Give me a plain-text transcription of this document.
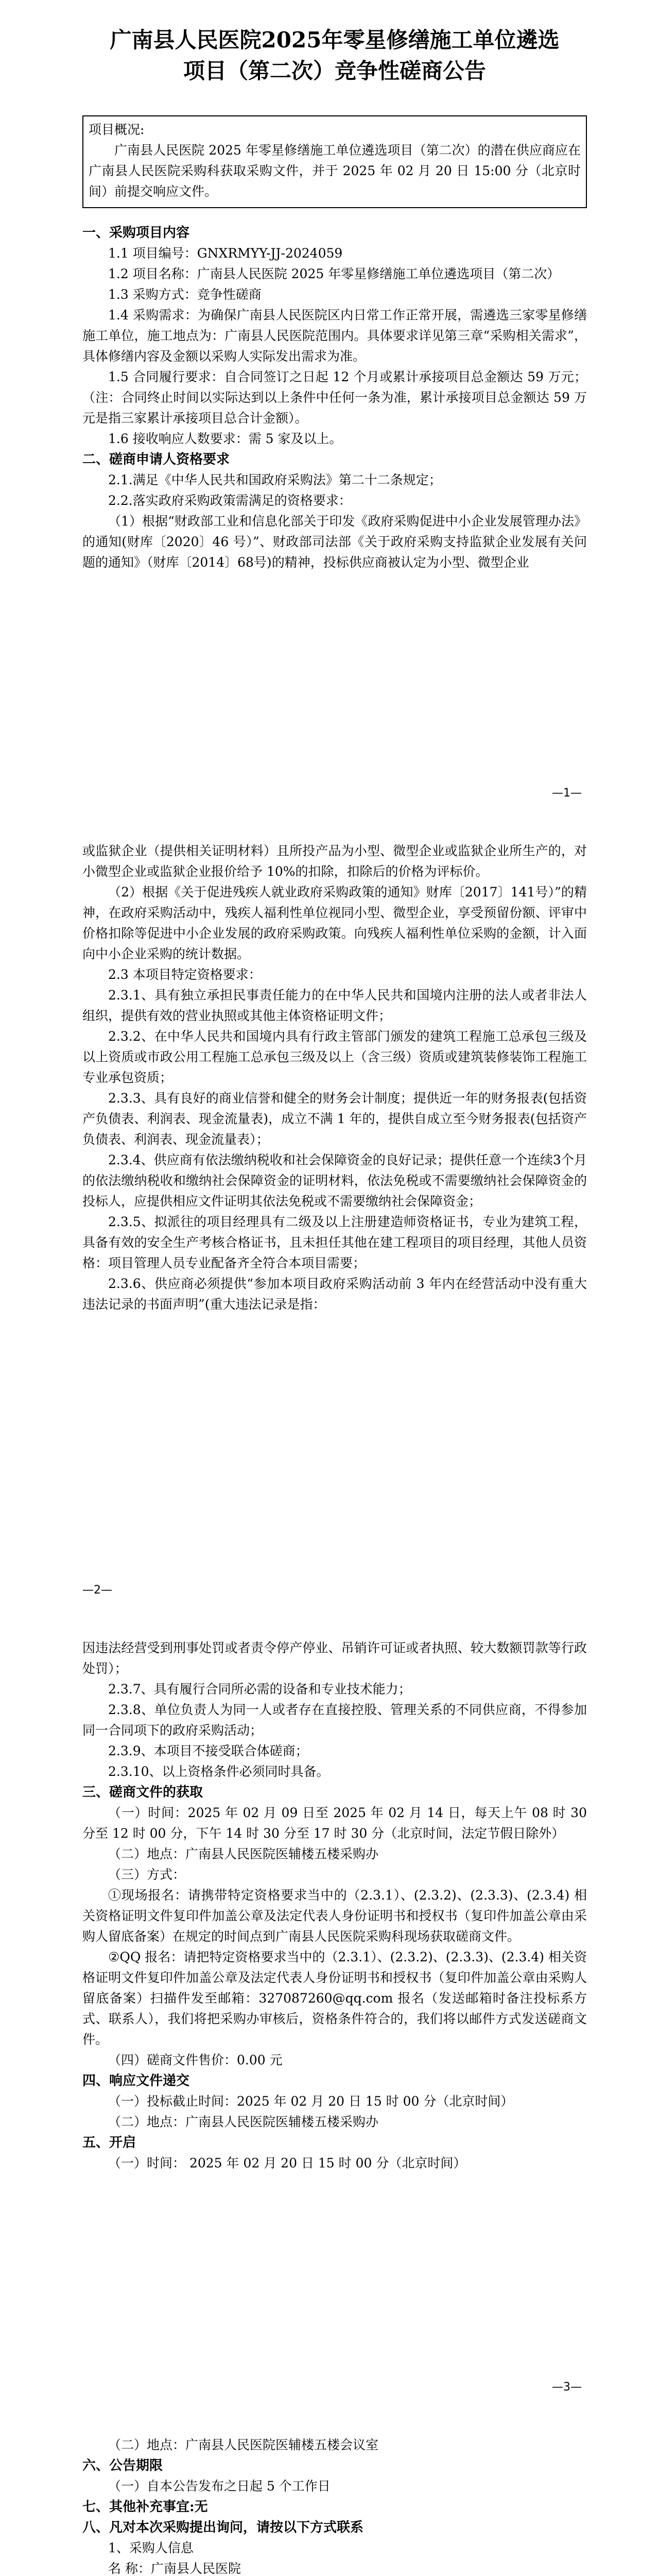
广南县人民医院2025年零星修缮施工单位遴选

项目（第二次）竞争性磋商公告

项目概况:
广南县人民医院 2025 年零星修缮施工单位遴选项目（第二次）的潜在供应商应在广南县人民医院采购科获取采购文件，并于 2025 年 02 月 20 日 15:00 分（北京时间）前提交响应文件。
一、采购项目内容
1.1 项目编号：GNXRMYY-JJ-2024059
1.2 项目名称：广南县人民医院 2025 年零星修缮施工单位遴选项目（第二次）
1.3 采购方式：竞争性磋商
1.4 采购需求：为确保广南县人民医院区内日常工作正常开展，需遴选三家零星修缮施工单位，施工地点为：广南县人民医院范围内。具体要求详见第三章“采购相关需求”，具体修缮内容及金额以采购人实际发出需求为准。
1.5 合同履行要求：自合同签订之日起 12 个月或累计承接项目总金额达 59 万元；（注：合同终止时间以实际达到以上条件中任何一条为准，累计承接项目总金额达 59 万元是指三家累计承接项目总合计金额）。
1.6 接收响应人数要求：需 5 家及以上。
二、磋商申请人资格要求
2.1.满足《中华人民共和国政府采购法》第二十二条规定；
2.2.落实政府采购政策需满足的资格要求：
（1）根据“财政部工业和信息化部关于印发《政府采购促进中小企业发展管理办法》的通知(财库〔2020〕46 号）”、财政部司法部《关于政府采购支持监狱企业发展有关问题的通知》（财库〔2014〕68号)的精神，投标供应商被认定为小型、微型企业
—1—
或监狱企业（提供相关证明材料）且所投产品为小型、微型企业或监狱企业所生产的，对小微型企业或监狱企业报价给予 10%的扣除，扣除后的价格为评标价。
（2）根据《关于促进残疾人就业政府采购政策的通知》财库〔2017〕141号）”的精神，在政府采购活动中，残疾人福利性单位视同小型、微型企业，享受预留份额、评审中价格扣除等促进中小企业发展的政府采购政策。向残疾人福利性单位采购的金额，计入面向中小企业采购的统计数据。
2.3 本项目特定资格要求：
2.3.1、具有独立承担民事责任能力的在中华人民共和国境内注册的法人或者非法人组织，提供有效的营业执照或其他主体资格证明文件；
2.3.2、在中华人民共和国境内具有行政主管部门颁发的建筑工程施工总承包三级及以上资质或市政公用工程施工总承包三级及以上（含三级）资质或建筑装修装饰工程施工专业承包资质；
2.3.3、具有良好的商业信誉和健全的财务会计制度；提供近一年的财务报表(包括资产负债表、利润表、现金流量表)，成立不满 1 年的，提供自成立至今财务报表(包括资产负债表、利润表、现金流量表）；
2.3.4、供应商有依法缴纳税收和社会保障资金的良好记录；提供任意一个连续3个月的依法缴纳税收和缴纳社会保障资金的证明材料，依法免税或不需要缴纳社会保障资金的投标人，应提供相应文件证明其依法免税或不需要缴纳社会保障资金；
2.3.5、拟派往的项目经理具有二级及以上注册建造师资格证书，专业为建筑工程，具备有效的安全生产考核合格证书，且未担任其他在建工程项目的项目经理，其他人员资格：项目管理人员专业配备齐全符合本项目需要；
2.3.6、供应商必须提供“参加本项目政府采购活动前 3 年内在经营活动中没有重大违法记录的书面声明”(重大违法记录是指：
—2—
因违法经营受到刑事处罚或者责令停产停业、吊销许可证或者执照、较大数额罚款等行政处罚）；
2.3.7、具有履行合同所必需的设备和专业技术能力；
2.3.8、单位负责人为同一人或者存在直接控股、管理关系的不同供应商，不得参加同一合同项下的政府采购活动；
2.3.9、本项目不接受联合体磋商；
2.3.10、以上资格条件必须同时具备。
三、磋商文件的获取
（一）时间：2025 年 02 月 09 日至 2025 年 02 月 14 日，每天上午 08 时 30 分至 12 时 00 分，下午 14 时 30 分至 17 时 30 分（北京时间，法定节假日除外）
（二）地点：广南县人民医院医辅楼五楼采购办
（三）方式：
①现场报名：请携带特定资格要求当中的（2.3.1）、(2.3.2)、(2.3.3)、(2.3.4) 相关资格证明文件复印件加盖公章及法定代表人身份证明书和授权书（复印件加盖公章由采购人留底备案）在规定的时间点到广南县人民医院采购科现场获取磋商文件。
②QQ 报名：请把特定资格要求当中的（2.3.1）、(2.3.2)、(2.3.3)、(2.3.4) 相关资格证明文件复印件加盖公章及法定代表人身份证明书和授权书（复印件加盖公章由采购人留底备案）扫描件发至邮箱：327087260@qq.com 报名（发送邮箱时备注投标系方式、联系人），我们将把采购办审核后，资格条件符合的，我们将以邮件方式发送磋商文件。
（四）磋商文件售价：0.00 元
四、响应文件递交
（一）投标截止时间：2025 年 02 月 20 日 15 时 00 分（北京时间）
（二）地点：广南县人民医院医辅楼五楼采购办
五、开启
（一）时间： 2025 年 02 月 20 日 15 时 00 分（北京时间）
—3—
（二）地点：广南县人民医院医辅楼五楼会议室
六、公告期限
（一）自本公告发布之日起 5 个工作日
七、其他补充事宜:无
八、凡对本次采购提出询问，请按以下方式联系
1、采购人信息
名 称：广南县人民医院
